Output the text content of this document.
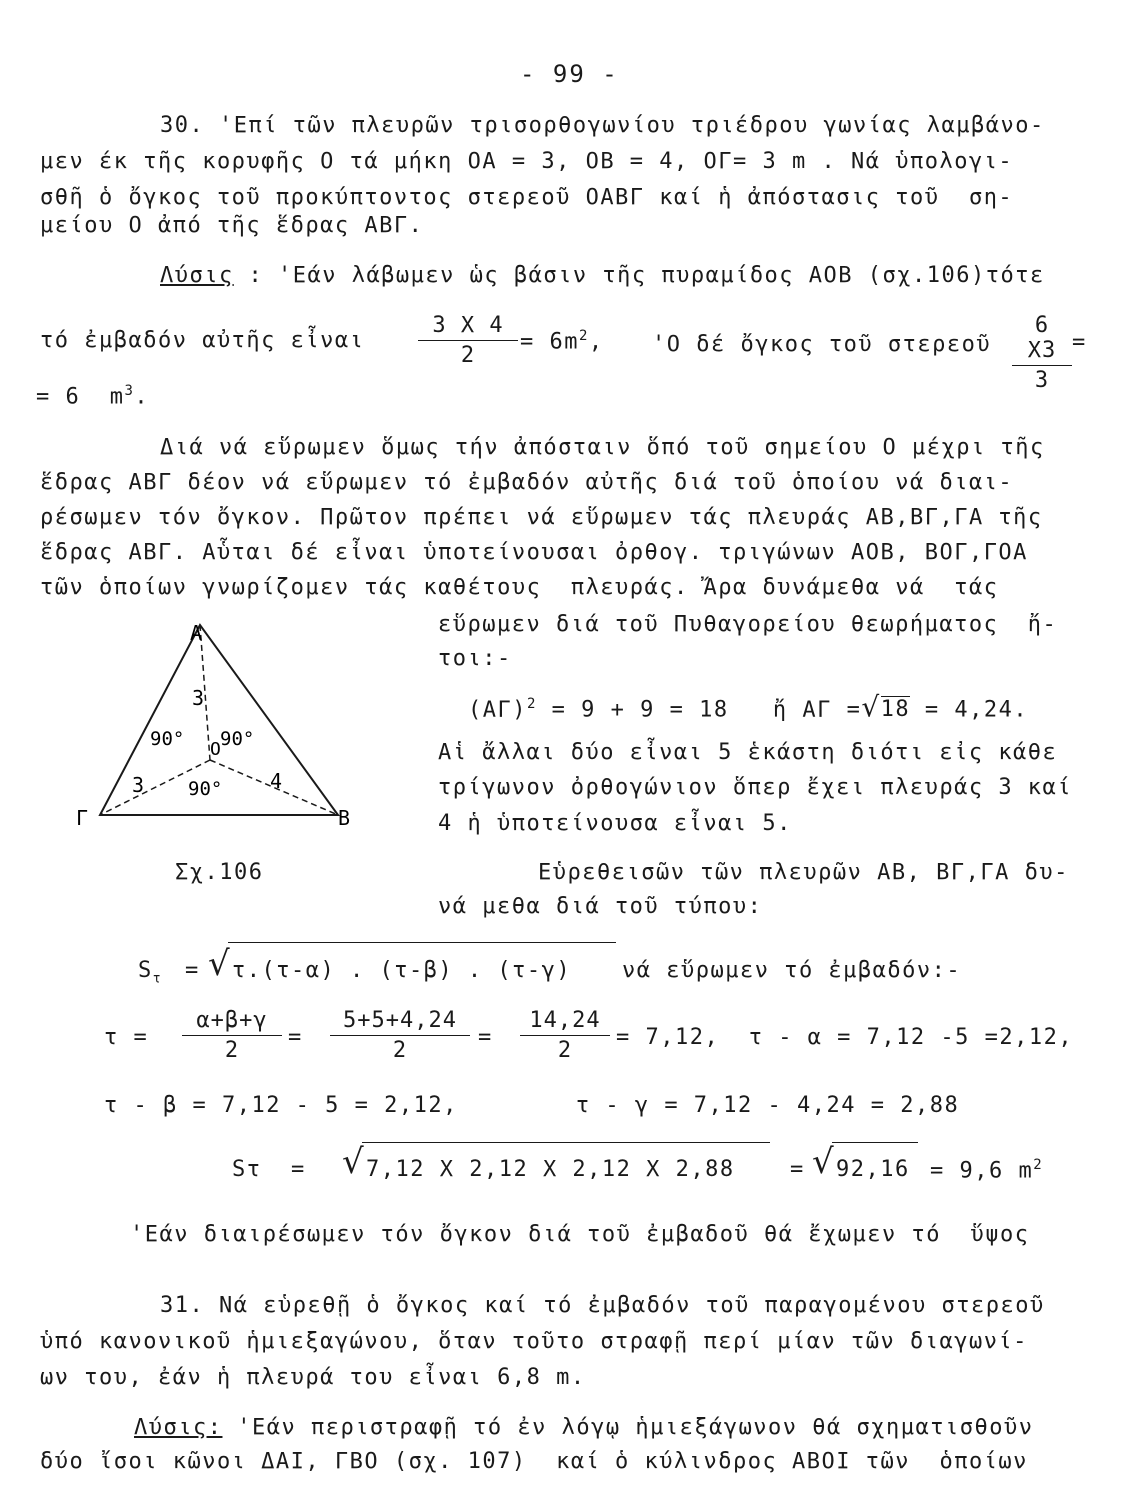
- 99 -
30. 'Επί τῶν πλευρῶν τρισορθογωνίου τριέδρου γωνίας λαμβάνο-
μεν έκ τῆς κορυφῆς Ο τά μήκη ΟΑ = 3, ΟΒ = 4, ΟΓ= 3 m . Νά ὑπολογι-
σθῆ ὁ ὄγκος τοῦ προκύπτοντος στερεοῦ ΟΑΒΓ καί ἡ ἀπόστασις τοῦ  ση-
μείου Ο ἀπό τῆς ἕδρας ΑΒΓ.
Λύσις : 'Εάν λάβωμεν ὡς βάσιν τῆς πυραμίδος ΑΟΒ (σχ.106)τότε
τό ἐμβαδόν αὐτῆς εἶναι $\frac{3 X 4}{2} = 6m^2$, 'Ο δέ ὄγκος τοῦ στερεοῦ $\frac{6 X3}{3}$ =
= 6  $m^3$.
Διά νά εὕρωμεν ὅμως τήν ἀπόσταιν ὅπό τοῦ σημείου Ο μέχρι τῆς
ἕδρας ΑΒΓ δέον νά εὕρωμεν τό ἐμβαδόν αὐτῆς διά τοῦ ὁποίου νά διαι-
ρέσωμεν τόν ὄγκον. Πρῶτον πρέπει νά εὕρωμεν τάς πλευράς ΑΒ,ΒΓ,ΓΑ τῆς
ἕδρας ΑΒΓ. Αὗται δέ εἶναι ὑποτείνουσαι ὀρθογ. τριγώνων ΑΟΒ, ΒΟΓ,ΓΟΑ
τῶν ὁποίων γνωρίζομεν τάς καθέτους  πλευράς. Ἄρα δυνάμεθα νά  τάς
εὕρωμεν διά τοῦ Πυθαγορείου θεωρήματος  ἤ-
τοι:-
$(A\Gamma)^2 = 9 + 9 = 18$   ἤ ΑΓ =√18 = 4,24.
Αἱ ἄλλαι δύο εἶναι 5 ἑκάστη διότι εἰς κάθε
τρίγωνον ὀρθογώνιον ὅπερ ἔχει πλευράς 3 καί
4 ἡ ὑποτείνουσα εἶναι 5.
Α
Γ	Β
Ο
3
3	4
90° 90°
90°
Σχ.106	Εὑρεθεισῶν τῶν πλευρῶν ΑΒ, ΒΓ,ΓΑ δυ-
νά μεθα διά τοῦ τύπου:
$S_\tau$ = √ τ.(τ-α) . (τ-β) . (τ-γ) νά εὕρωμεν τό ἐμβαδόν:-
$\tau = \frac{\alpha+\beta+\gamma}{2} = \frac{5+5+4,24}{2} = \frac{14,24}{2} = 7,12$,  τ - α = 7,12 -5 =2,12,
τ - β = 7,12 - 5 = 2,12,        τ - γ = 7,12 - 4,24 = 2,88
Sτ  = √ 7,12 Χ 2,12 Χ 2,12 Χ 2,88	= √ 92,16 = 9,6 $m^2$
'Εάν διαιρέσωμεν τόν ὄγκον διά τοῦ ἐμβαδοῦ θά ἔχωμεν τό  ὕψος
31. Νά εὑρεθῇ ὁ ὄγκος καί τό ἐμβαδόν τοῦ παραγομένου στερεοῦ
ὑπό κανονικοῦ ἡμιεξαγώνου, ὅταν τοῦτο στραφῇ περί μίαν τῶν διαγωνί-
ων του, ἐάν ἡ πλευρά του εἶναι 6,8 m.
Λύσις: 'Εάν περιστραφῇ τό ἐν λόγῳ ἡμιεξάγωνον θά σχηματισθοῦν
δύο ἴσοι κῶνοι ΔΑΙ, ΓΒΟ (σχ. 107)  καί ὁ κύλινδρος ΑΒΟΙ τῶν  ὁποίων
